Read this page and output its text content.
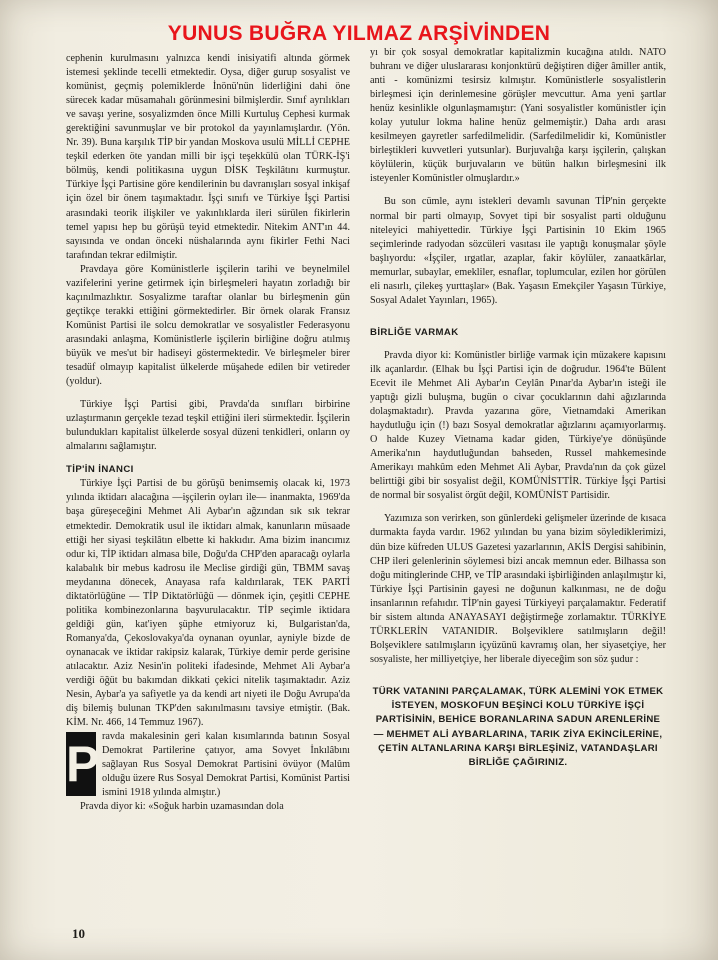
YUNUS BUĞRA YILMAZ ARŞİVİNDEN

cephenin kurulmasını yalnızca kendi inisiyatifi altında görmek istemesi şeklinde tecelli etmektedir. Oysa, diğer gurup sosyalist ve komünist, geçmiş polemiklerde İnönü'nün liderliğini dahi öne sürecek kadar müsamahalı görünmesini bilmişlerdir. Sınıf ayrılıkları ve savaşı yerine, sosyalizmden önce Milli Kurtuluş Cephesi kurmak gerektiğini savunmuşlar ve bir protokol da yayınlamışlardır. (Yön. Nr. 39). Buna karşılık TİP bir yandan Moskova usulü MİLLİ CEPHE teşkil ederken öte yandan milli bir işçi teşekkülü olan TÜRK-İŞ'i bölmüş, kendi politikasına uygun DİSK Teşkilâtını kurmuştur. Türkiye İşçi Partisine göre kendilerinin bu davranışları sosyal inkişaf için özel bir önem taşımaktadır. İşçi sınıfı ve Türkiye İşçi Partisi arasındaki teorik ilişkiler ve yakınlıklarda ileri sürülen fikirlerin temel yapısı hep bu görüşü teyid etmektedir. Nitekim ANT'ın 44. sayısında ve ondan önceki nüshalarında aynı fikirler Fethi Naci tarafından tekrar edilmiştir.

Pravdaya göre Komünistlerle işçilerin tarihi ve beynelmilel vazifelerini yerine getirmek için birleşmeleri hayatın zorladığı bir kaçınılmazlıktır. Sosyalizme taraftar olanlar bu birleşmenin gün geçtikçe terakki ettiğini görmektedirler. Bir örnek olarak Fransız Komünist Partisi ile solcu demokratlar ve sosyalistler Federasyonu arasındaki anlaşma, Komünistlerle işçilerin birliğine doğru atılmış büyük ve mes'ut bir hadiseyi göstermektedir. Ve birleşmeler birer tesadüf olmayıp kapitalist ülkelerde müşahede edilen bir vetireder (yoldur).

Türkiye İşçi Partisi gibi, Pravda'da sınıfları birbirine uzlaştırmanın gerçekle tezad teşkil ettiğini ileri sürmektedir. İşçilerin bulundukları kapitalist ülkelerde sosyal düzeni tenkidleri, onların oy almalarını sağlamıştır.

TİP'İN İNANCI

Türkiye İşçi Partisi de bu görüşü benimsemiş olacak ki, 1973 yılında iktidarı alacağına —işçilerin oyları ile— inanmakta, 1969'da başa güreşeceğini Mehmet Ali Aybar'ın ağzından sık sık tekrar etmektedir. Demokratik usul ile iktidarı almak, kanunların müsaade ettiği her siyasi teşkilâtın elbette ki hakkıdır. Ama bizim inancımız odur ki, TİP iktidarı almasa bile, Doğu'da CHP'den aparacağı oylarla kalabalık bir mebus kadrosu ile Meclise girdiği gün, TBMM savaş meydanına dönecek, Anayasa rafa kaldırılarak, TEK PARTİ diktatörlüğüne — TİP Diktatörlüğü — dönmek için, çeşitli CEPHE politika kombinezonlarına başvurulacaktır. TİP seçimle iktidara geldiği gün, kat'iyen şüphe etmiyoruz ki, Bulgaristan'da, Romanya'da, Çekoslovakya'da oynanan oyunlar, ayniyle bizde de oynanacak ve iktidar rakipsiz kalarak, Türkiye demir perde gerisine atılacaktır. Aziz Nesin'in politeki ifadesinde, Mehmet Ali Aybar'a verdiği öğüt bu bakımdan dikkati çekici nitelik taşımaktadır. Aziz Nesin, Aybar'a ya safiyetle ya da kendi art niyeti ile Doğu Avrupa'da diş bilemiş bulunan TKP'den sakınılmasını tavsiye etmiştir. (Bak. KİM. Nr. 466, 14 Temmuz 1967).

P ravda makalesinin geri kalan kısımlarında batının Sosyal Demokrat Partilerine çatıyor, ama Sovyet İnkılâbını sağlayan Rus Sosyal Demokrat Partisini övüyor (Malûm olduğu üzere Rus Sosyal Demokrat Partisi, Komünist Partisi ismini 1918 yılında almıştır.)

Pravda diyor ki: «Soğuk harbin uzamasından dola

yı bir çok sosyal demokratlar kapitalizmin kucağına atıldı. NATO buhranı ve diğer uluslararası konjonktürü değiştiren diğer âmiller antik, anti - komünizmi tesirsiz kılmıştır. Komünistlerle sosyalistlerin birleşmesi için derinlemesine görüşler mevcuttur. Ama yeni şartlar henüz kesinlikle olgunlaşmamıştır: (Yani sosyalistler komünistler için kolay yutulur lokma haline henüz gelmemiştir.) Daha ardı arası kesilmeyen gayretler sarfedilmelidir. (Sarfedilmelidir ki, Komünistler birleştikleri kuvvetleri yutsunlar). Burjuvalığa karşı işçilerin, çalışkan köylülerin, küçük burjuvaların ve bütün halkın birleşmesini ilk isteyenler Komünistler olmuşlardır.»

Bu son cümle, aynı istekleri devamlı savunan TİP'nin gerçekte normal bir parti olmayıp, Sovyet tipi bir sosyalist parti olduğunu niteleyici mahiyettedir. Türkiye İşçi Partisinin 10 Ekim 1965 seçimlerinde radyodan sözcüleri vasıtası ile yaptığı konuşmalar şöyle başlıyordu: «İşçiler, ırgatlar, azaplar, fakir köylüler, zanaatkârlar, memurlar, subaylar, emekliler, esnaflar, toplumcular, ezilen hor görülen eli nasırlı, çilekeş yurttaşlar» (Bak. Yaşasın Emekçiler Yaşasın Türkiye, Sosyal Adalet Yayınları, 1965).

BİRLİĞE VARMAK

Pravda diyor ki: Komünistler birliğe varmak için müzakere kapısını ilk açanlardır. (Elhak bu İşçi Partisi için de doğrudur. 1964'te Bülent Ecevit ile Mehmet Ali Aybar'ın Ceylân Pınar'da Aybar'ın isteği ile yaptığı gizli buluşma, bugün o civar çocuklarının dahi ağızlarında dolaşmaktadır). Pravda yazarına göre, Vietnamdaki Amerikan haydutluğu için (!) bazı Sosyal demokratlar ağızlarını açamıyorlarmış. O halde Kuzey Vietnama kadar giden, Türkiye'ye dönüşünde Amerika'nın haydutluğundan bahseden, Russel mahkemesinde Amerikayı mahkûm eden Mehmet Ali Aybar, Pravda'nın da çok güzel belirttiği gibi bir sosyalist değil, KOMÜNİSTTİR. Türkiye İşçi Partisi de normal bir sosyalist örgüt değil, KOMÜNİST Partisidir.

Yazımıza son verirken, son günlerdeki gelişmeler üzerinde de kısaca durmakta fayda vardır. 1962 yılından bu yana bizim söylediklerimizi, dün bize küfreden ULUS Gazetesi yazarlarının, AKİS Dergisi sahibinin, CHP ileri gelenlerinin söylemesi bizi ancak memnun eder. Bilhassa son doğu mitinglerinde CHP, ve TİP arasındaki işbirliğinden anlaşılmıştır ki, Türkiye İşçi Partisinin gayesi ne doğunun kalkınması, ne de doğu insanlarının refahıdır. TİP'nin gayesi Türkiyeyi parçalamaktır. Federatif bir sistem altında ANAYASAYI değiştirmeğe zorlamaktır. TÜRKİYE TÜRKLERİN VATANIDIR. Bolşeviklere satılmışların değil! Bolşeviklere satılmışların içyüzünü kavramış olan, her siyasetçiye, her sosyaliste, her milliyetçiye, her liberale diyeceğim son söz şudur :

TÜRK VATANINI PARÇALAMAK, TÜRK ALEMİNİ YOK ETMEK İSTEYEN, MOSKOFUN BEŞİNCİ KOLU TÜRKİYE İŞÇİ PARTİSİNİN, BEHİCE BORANLARINA SADUN ARENLERİNE — MEHMET ALİ AYBARLARINA, TARIK ZİYA EKİNCİLERİNE, ÇETİN ALTANLARINA KARŞI BİRLEŞİNİZ, VATANDAŞLARI BİRLİĞE ÇAĞIRINIZ.
10
